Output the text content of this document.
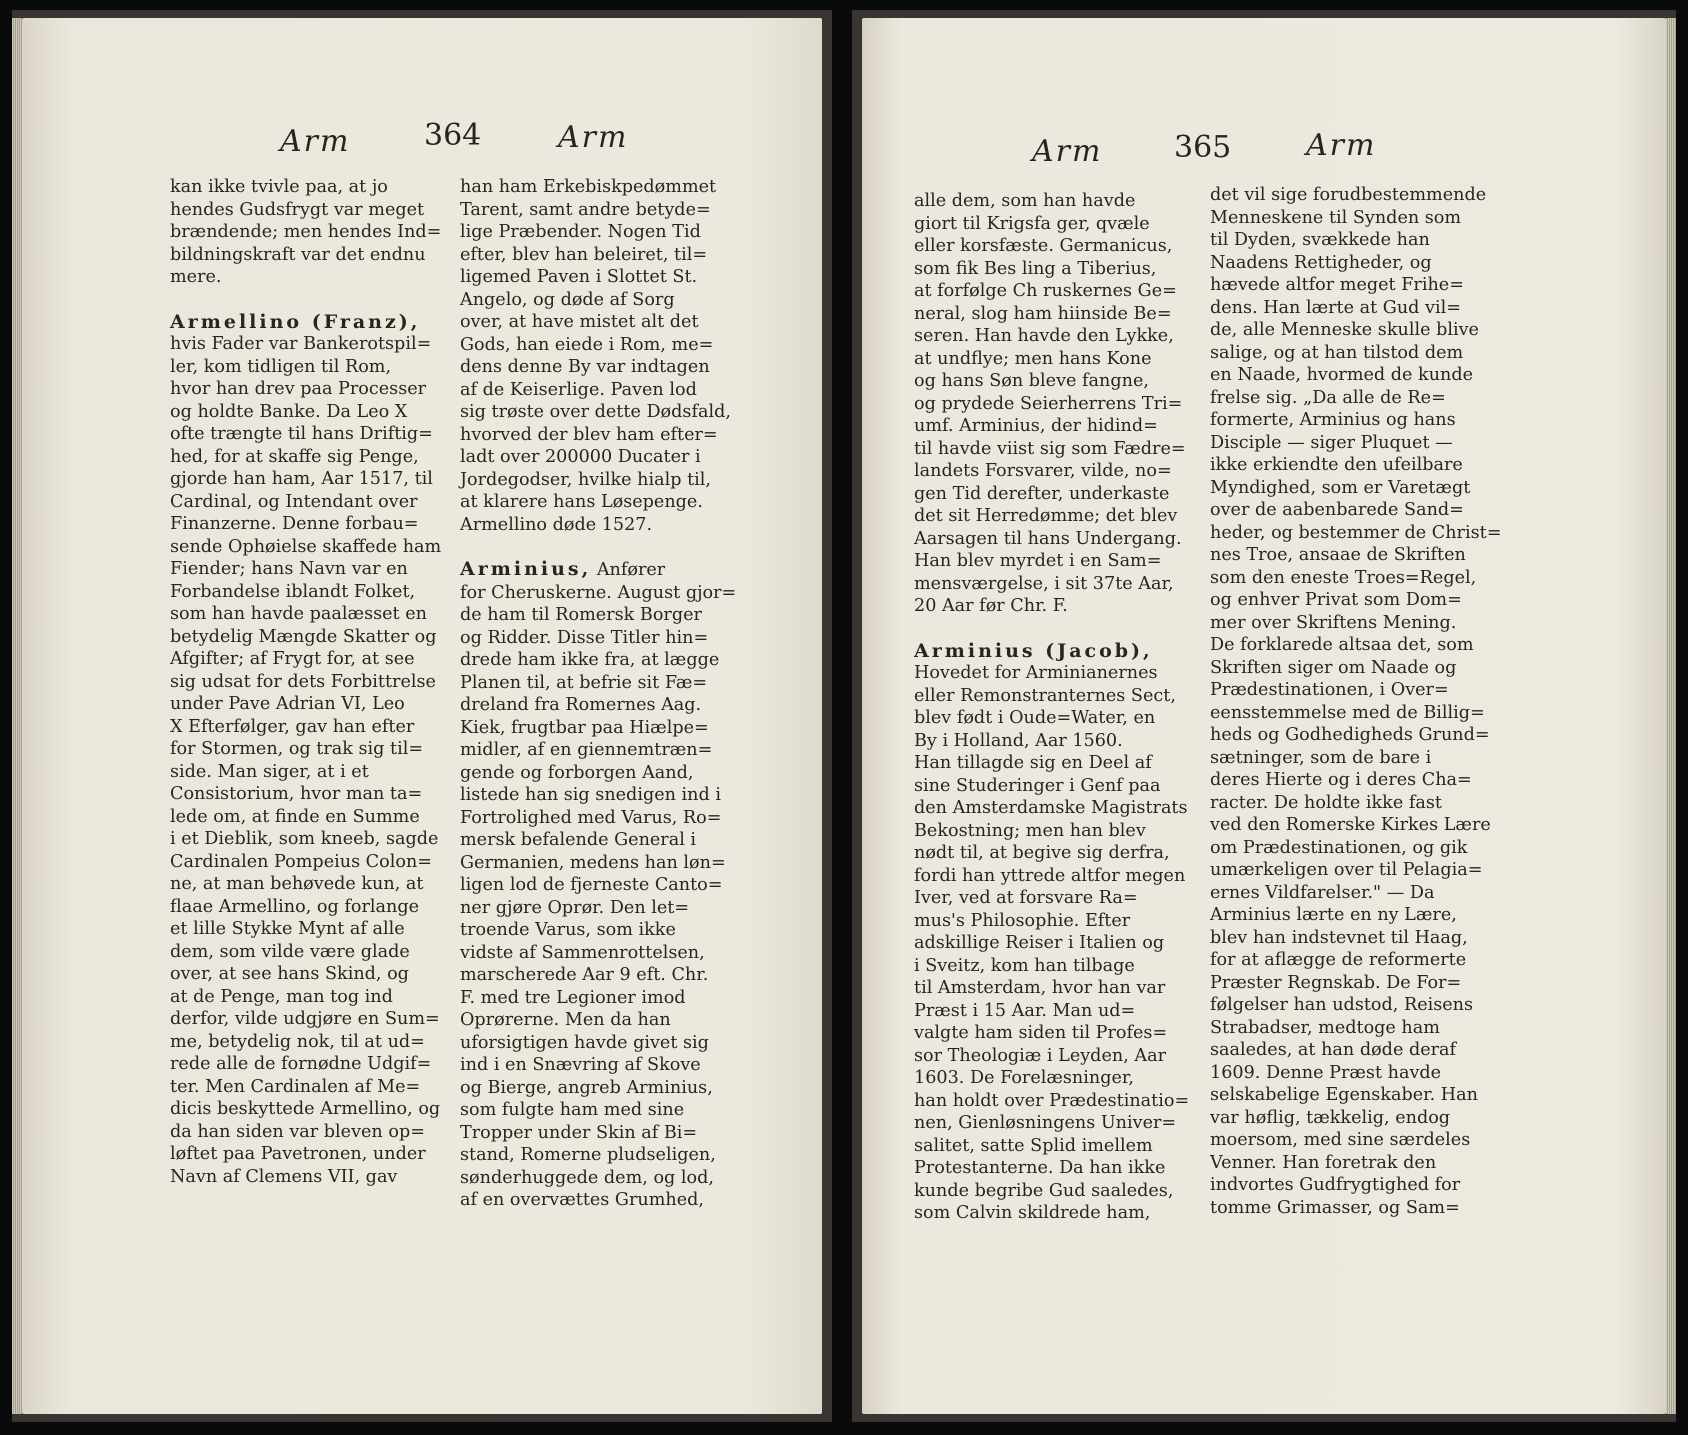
Arm 364	Arm
kan ikke tvivle paa, at jo
hendes Gudsfrygt var meget
brændende; men hendes Ind=
bildningskraft var det endnu
mere.
Armellino (Franz),
hvis Fader var Bankerotspil=
ler, kom tidligen til Rom,
hvor han drev paa Processer
og holdte Banke. Da Leo X
ofte trængte til hans Driftig=
hed, for at skaffe sig Penge,
gjorde han ham, Aar 1517, til
Cardinal, og Intendant over
Finanzerne. Denne forbau=
sende Ophøielse skaffede ham
Fiender; hans Navn var en
Forbandelse iblandt Folket,
som han havde paalæsset en
betydelig Mængde Skatter og
Afgifter; af Frygt for, at see
sig udsat for dets Forbittrelse
under Pave Adrian VI, Leo
X Efterfølger, gav han efter
for Stormen, og trak sig til=
side. Man siger, at i et
Consistorium, hvor man ta=
lede om, at finde en Summe
i et Dieblik, som kneeb, sagde
Cardinalen Pompeius Colon=
ne, at man behøvede kun, at
flaae Armellino, og forlange
et lille Stykke Mynt af alle
dem, som vilde være glade
over, at see hans Skind, og
at de Penge, man tog ind
derfor, vilde udgjøre en Sum=
me, betydelig nok, til at ud=
rede alle de fornødne Udgif=
ter. Men Cardinalen af Me=
dicis beskyttede Armellino, og
da han siden var bleven op=
løftet paa Pavetronen, under
Navn af Clemens VII, gav
han ham Erkebiskpedømmet
Tarent, samt andre betyde=
lige Præbender. Nogen Tid
efter, blev han beleiret, til=
ligemed Paven i Slottet St.
Angelo, og døde af Sorg
over, at have mistet alt det
Gods, han eiede i Rom, me=
dens denne By var indtagen
af de Keiserlige. Paven lod
sig trøste over dette Dødsfald,
hvorved der blev ham efter=
ladt over 200000 Ducater i
Jordegodser, hvilke hialp til,
at klarere hans Løsepenge.
Armellino døde 1527.
Arminius, Anfører
for Cheruskerne. August gjor=
de ham til Romersk Borger
og Ridder. Disse Titler hin=
drede ham ikke fra, at lægge
Planen til, at befrie sit Fæ=
dreland fra Romernes Aag.
Kiek, frugtbar paa Hiælpe=
midler, af en giennemtræn=
gende og forborgen Aand,
listede han sig snedigen ind i
Fortrolighed med Varus, Ro=
mersk befalende General i
Germanien, medens han løn=
ligen lod de fjerneste Canto=
ner gjøre Oprør. Den let=
troende Varus, som ikke
vidste af Sammenrottelsen,
marscherede Aar 9 eft. Chr.
F. med tre Legioner imod
Oprørerne. Men da han
uforsigtigen havde givet sig
ind i en Snævring af Skove
og Bierge, angreb Arminius,
som fulgte ham med sine
Tropper under Skin af Bi=
stand, Romerne pludseligen,
sønderhuggede dem, og lod,
af en overvættes Grumhed,
Arm 365 Arm
alle dem, som han havde
giort til Krigsfa ger, qvæle
eller korsfæste. Germanicus,
som fik Bes ling a Tiberius,
at forfølge Ch ruskernes Ge=
neral, slog ham hiinside Be=
seren. Han havde den Lykke,
at undflye; men hans Kone
og hans Søn bleve fangne,
og prydede Seierherrens Tri=
umf. Arminius, der hidind=
til havde viist sig som Fædre=
landets Forsvarer, vilde, no=
gen Tid derefter, underkaste
det sit Herredømme; det blev
Aarsagen til hans Undergang.
Han blev myrdet i en Sam=
mensværgelse, i sit 37te Aar,
20 Aar før Chr. F.
Arminius (Jacob),
Hovedet for Arminianernes
eller Remonstranternes Sect,
blev født i Oude=Water, en
By i Holland, Aar 1560.
Han tillagde sig en Deel af
sine Studeringer i Genf paa
den Amsterdamske Magistrats
Bekostning; men han blev
nødt til, at begive sig derfra,
fordi han yttrede altfor megen
Iver, ved at forsvare Ra=
mus's Philosophie. Efter
adskillige Reiser i Italien og
i Sveitz, kom han tilbage
til Amsterdam, hvor han var
Præst i 15 Aar. Man ud=
valgte ham siden til Profes=
sor Theologiæ i Leyden, Aar
1603. De Forelæsninger,
han holdt over Prædestinatio=
nen, Gienløsningens Univer=
salitet, satte Splid imellem
Protestanterne. Da han ikke
kunde begribe Gud saaledes,
som Calvin skildrede ham,
det vil sige forudbestemmende
Menneskene til Synden som
til Dyden, svækkede han
Naadens Rettigheder, og
hævede altfor meget Frihe=
dens. Han lærte at Gud vil=
de, alle Menneske skulle blive
salige, og at han tilstod dem
en Naade, hvormed de kunde
frelse sig. „Da alle de Re=
formerte, Arminius og hans
Disciple — siger Pluquet —
ikke erkiendte den ufeilbare
Myndighed, som er Varetægt
over de aabenbarede Sand=
heder, og bestemmer de Christ=
nes Troe, ansaae de Skriften
som den eneste Troes=Regel,
og enhver Privat som Dom=
mer over Skriftens Mening.
De forklarede altsaa det, som
Skriften siger om Naade og
Prædestinationen, i Over=
eensstemmelse med de Billig=
heds og Godhedigheds Grund=
sætninger, som de bare i
deres Hierte og i deres Cha=
racter. De holdte ikke fast
ved den Romerske Kirkes Lære
om Prædestinationen, og gik
umærkeligen over til Pelagia=
ernes Vildfarelser." — Da
Arminius lærte en ny Lære,
blev han indstevnet til Haag,
for at aflægge de reformerte
Præster Regnskab. De For=
følgelser han udstod, Reisens
Strabadser, medtoge ham
saaledes, at han døde deraf
1609. Denne Præst havde
selskabelige Egenskaber. Han
var høflig, tækkelig, endog
moersom, med sine særdeles
Venner. Han foretrak den
indvortes Gudfrygtighed for
tomme Grimasser, og Sam=
